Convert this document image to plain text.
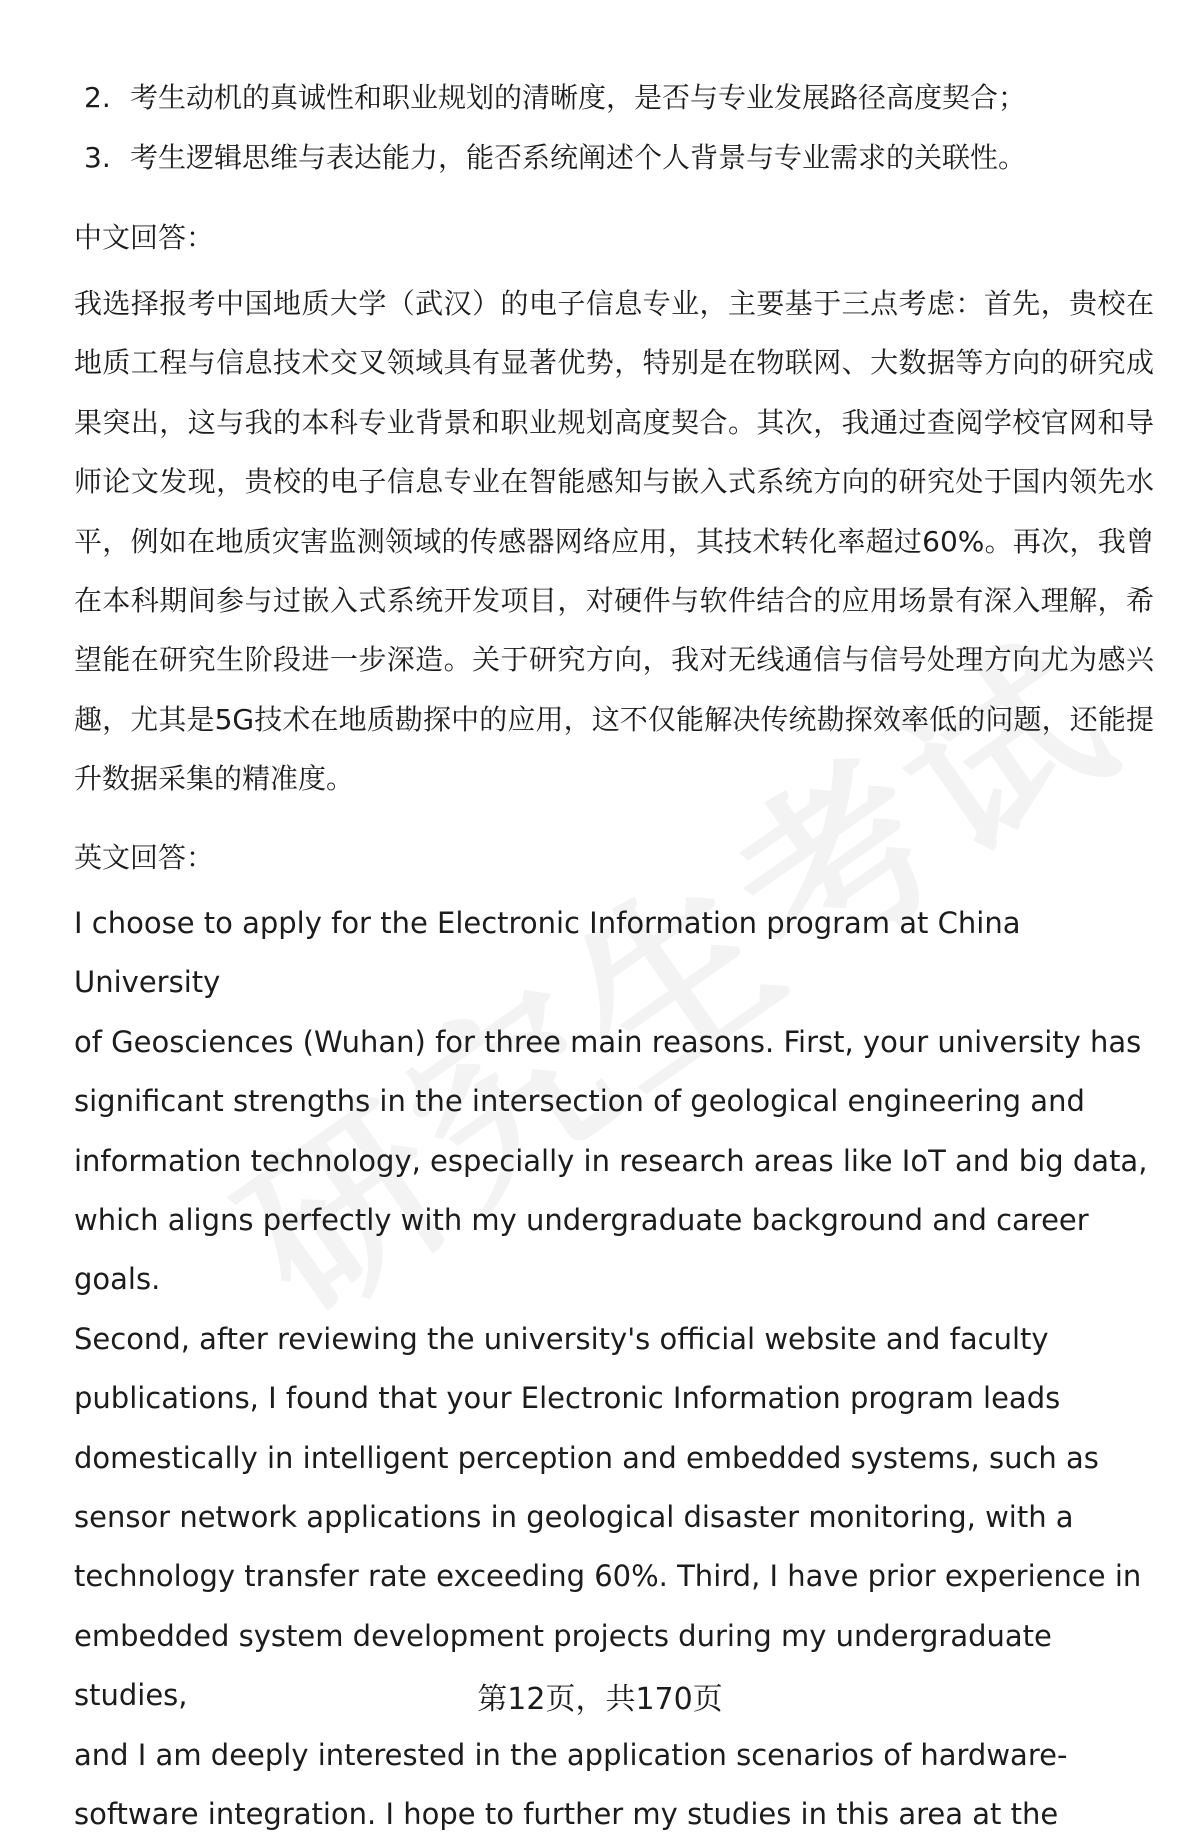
2. 考生动机的真诚性和职业规划的清晰度，是否与专业发展路径高度契合；
3. 考生逻辑思维与表达能力，能否系统阐述个人背景与专业需求的关联性。
中文回答：

我选择报考中国地质大学（武汉）的电子信息专业，主要基于三点考虑：首先，贵校在地质工程与信息技术交叉领域具有显著优势，特别是在物联网、大数据等方向的研究成果突出，这与我的本科专业背景和职业规划高度契合。其次，我通过查阅学校官网和导师论文发现，贵校的电子信息专业在智能感知与嵌入式系统方向的研究处于国内领先水平，例如在地质灾害监测领域的传感器网络应用，其技术转化率超过60%。再次，我曾在本科期间参与过嵌入式系统开发项目，对硬件与软件结合的应用场景有深入理解，希望能在研究生阶段进一步深造。关于研究方向，我对无线通信与信号处理方向尤为感兴趣，尤其是5G技术在地质勘探中的应用，这不仅能解决传统勘探效率低的问题，还能提升数据采集的精准度。

英文回答：
I choose to apply for the Electronic Information program at China University
of Geosciences (Wuhan) for three main reasons. First, your university has
significant strengths in the intersection of geological engineering and
information technology, especially in research areas like IoT and big data,
which aligns perfectly with my undergraduate background and career goals.
Second, after reviewing the university's official website and faculty
publications, I found that your Electronic Information program leads
domestically in intelligent perception and embedded systems, such as
sensor network applications in geological disaster monitoring, with a
technology transfer rate exceeding 60%. Third, I have prior experience in
embedded system development projects during my undergraduate studies,
and I am deeply interested in the application scenarios of hardware-
software integration. I hope to further my studies in this area at the
第12页，共170页
